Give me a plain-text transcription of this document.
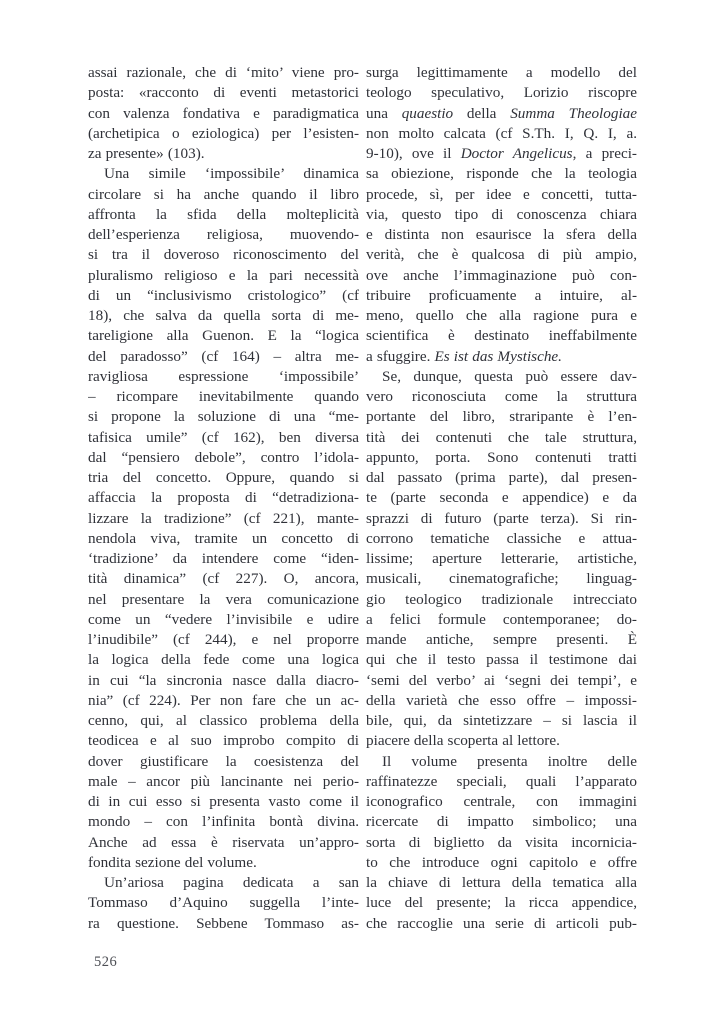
assai razionale, che di ‘mito’ viene pro-
posta: «racconto di eventi metastorici
con valenza fondativa e paradigmatica
(archetipica o eziologica) per l’esisten-
za presente» (103).
Una simile ‘impossibile’ dinamica
circolare si ha anche quando il libro
affronta la sfida della molteplicità
dell’esperienza religiosa, muovendo-
si tra il doveroso riconoscimento del
pluralismo religioso e la pari necessità
di un “inclusivismo cristologico” (cf
18), che salva da quella sorta di me-
tareligione alla Guenon. E la “logica
del paradosso” (cf 164) – altra me-
ravigliosa espressione ‘impossibile’
– ricompare inevitabilmente quando
si propone la soluzione di una “me-
tafisica umile” (cf 162), ben diversa
dal “pensiero debole”, contro l’idola-
tria del concetto. Oppure, quando si
affaccia la proposta di “detradiziona-
lizzare la tradizione” (cf 221), mante-
nendola viva, tramite un concetto di
‘tradizione’ da intendere come “iden-
tità dinamica” (cf 227). O, ancora,
nel presentare la vera comunicazione
come un “vedere l’invisibile e udire
l’inudibile” (cf 244), e nel proporre
la logica della fede come una logica
in cui “la sincronia nasce dalla diacro-
nia” (cf 224). Per non fare che un ac-
cenno, qui, al classico problema della
teodicea e al suo improbo compito di
dover giustificare la coesistenza del
male – ancor più lancinante nei perio-
di in cui esso si presenta vasto come il
mondo – con l’infinita bontà divina.
Anche ad essa è riservata un’appro-
fondita sezione del volume.
Un’ariosa pagina dedicata a san
Tommaso d’Aquino suggella l’inte-
ra questione. Sebbene Tommaso as-
surga legittimamente a modello del
teologo speculativo, Lorizio riscopre
una quaestio della Summa Theologiae
non molto calcata (cf S.Th. I, Q. I, a.
9-10), ove il Doctor Angelicus, a preci-
sa obiezione, risponde che la teologia
procede, sì, per idee e concetti, tutta-
via, questo tipo di conoscenza chiara
e distinta non esaurisce la sfera della
verità, che è qualcosa di più ampio,
ove anche l’immaginazione può con-
tribuire proficuamente a intuire, al-
meno, quello che alla ragione pura e
scientifica è destinato ineffabilmente
a sfuggire. Es ist das Mystische.
Se, dunque, questa può essere dav-
vero riconosciuta come la struttura
portante del libro, straripante è l’en-
tità dei contenuti che tale struttura,
appunto, porta. Sono contenuti tratti
dal passato (prima parte), dal presen-
te (parte seconda e appendice) e da
sprazzi di futuro (parte terza). Si rin-
corrono tematiche classiche e attua-
lissime; aperture letterarie, artistiche,
musicali, cinematografiche; linguag-
gio teologico tradizionale intrecciato
a felici formule contemporanee; do-
mande antiche, sempre presenti. È
qui che il testo passa il testimone dai
‘semi del verbo’ ai ‘segni dei tempi’, e
della varietà che esso offre – impossi-
bile, qui, da sintetizzare – si lascia il
piacere della scoperta al lettore.
Il volume presenta inoltre delle
raffinatezze speciali, quali l’apparato
iconografico centrale, con immagini
ricercate di impatto simbolico; una
sorta di biglietto da visita incornicia-
to che introduce ogni capitolo e offre
la chiave di lettura della tematica alla
luce del presente; la ricca appendice,
che raccoglie una serie di articoli pub-
526
